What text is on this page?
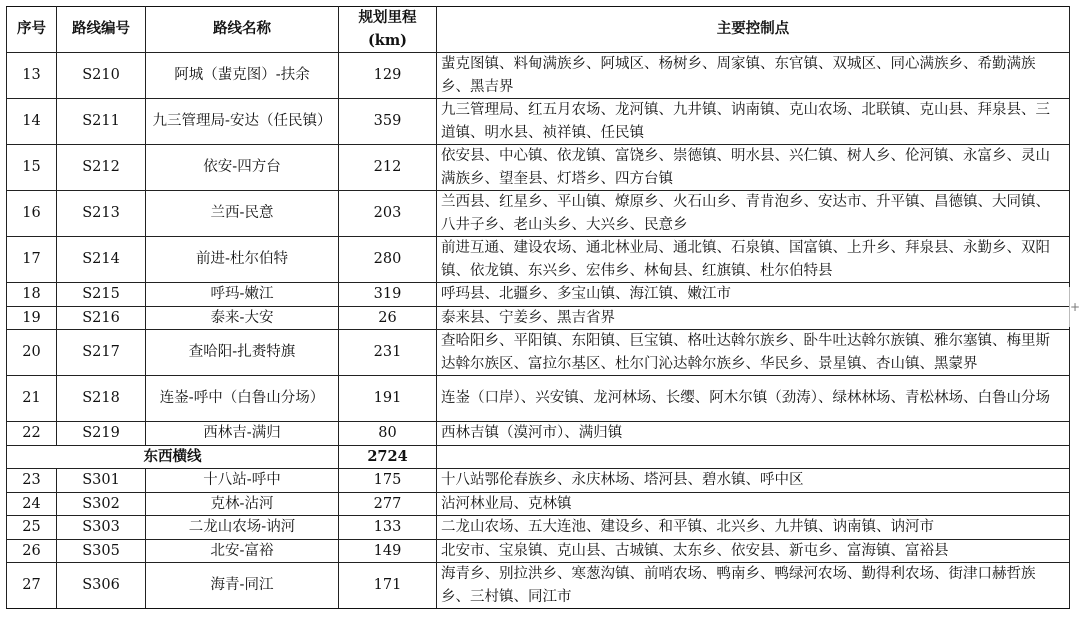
序号	路线编号	路线名称	规划里程(km)	主要控制点
13	S210	阿城（蜚克图）-扶余	129	蜚克图镇、料甸满族乡、阿城区、杨树乡、周家镇、东官镇、双城区、同心满族乡、希勤满族乡、黑吉界
14	S211	九三管理局-安达（任民镇）	359	九三管理局、红五月农场、龙河镇、九井镇、讷南镇、克山农场、北联镇、克山县、拜泉县、三道镇、明水县、祯祥镇、任民镇
15	S212	依安-四方台	212	依安县、中心镇、依龙镇、富饶乡、崇德镇、明水县、兴仁镇、树人乡、伦河镇、永富乡、灵山满族乡、望奎县、灯塔乡、四方台镇
16	S213	兰西-民意	203	兰西县、红星乡、平山镇、燎原乡、火石山乡、青肯泡乡、安达市、升平镇、昌德镇、大同镇、八井子乡、老山头乡、大兴乡、民意乡
17	S214	前进-杜尔伯特	280	前进互通、建设农场、通北林业局、通北镇、石泉镇、国富镇、上升乡、拜泉县、永勤乡、双阳镇、依龙镇、东兴乡、宏伟乡、林甸县、红旗镇、杜尔伯特县
18	S215	呼玛-嫩江	319	呼玛县、北疆乡、多宝山镇、海江镇、嫩江市
19	S216	泰来-大安	26	泰来县、宁姜乡、黑吉省界
20	S217	查哈阳-扎赉特旗	231	查哈阳乡、平阳镇、东阳镇、巨宝镇、格吐达斡尔族乡、卧牛吐达斡尔族镇、雅尔塞镇、梅里斯达斡尔族区、富拉尔基区、杜尔门沁达斡尔族乡、华民乡、景星镇、杏山镇、黑蒙界
21	S218	连崟-呼中（白鲁山分场）	191	连崟（口岸）、兴安镇、龙河林场、长缨、阿木尔镇（劲涛）、绿林林场、青松林场、白鲁山分场
22	S219	西林吉-满归	80	西林吉镇（漠河市）、满归镇
东西横线			2724	
23	S301	十八站-呼中	175	十八站鄂伦春族乡、永庆林场、塔河县、碧水镇、呼中区
24	S302	克林-沾河	277	沾河林业局、克林镇
25	S303	二龙山农场-讷河	133	二龙山农场、五大连池、建设乡、和平镇、北兴乡、九井镇、讷南镇、讷河市
26	S305	北安-富裕	149	北安市、宝泉镇、克山县、古城镇、太东乡、依安县、新屯乡、富海镇、富裕县
27	S306	海青-同江	171	海青乡、别拉洪乡、寒葱沟镇、前哨农场、鸭南乡、鸭绿河农场、勤得利农场、街津口赫哲族乡、三村镇、同江市
+
